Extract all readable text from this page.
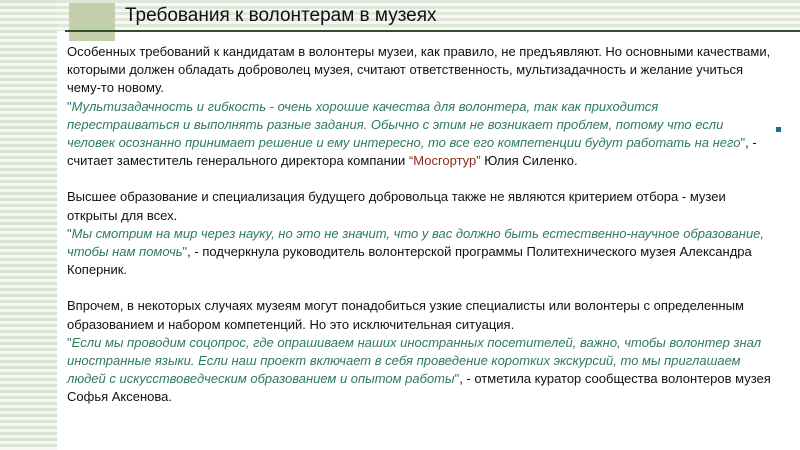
Требования к волонтерам в музеях

Особенных требований к кандидатам в волонтеры музеи, как правило, не предъявляют. Но основными качествами, которыми должен обладать доброволец музея, считают ответственность, мультизадачность и желание учиться чему-то новому.

"Мультизадачность и гибкость - очень хорошие качества для волонтера, так как приходится перестраиваться и выполнять разные задания. Обычно с этим не возникает проблем, потому что если человек осознанно принимает решение и ему интересно, то все его компетенции будут работать на него", - считает заместитель генерального директора компании “Мосгортур” Юлия Силенко.

Высшее образование и специализация будущего добровольца также не являются критерием отбора - музеи открыты для всех.

"Мы смотрим на мир через науку, но это не значит, что у вас должно быть естественно-научное образование, чтобы нам помочь", - подчеркнула руководитель волонтерской программы Политехнического музея Александра Коперник.

Впрочем, в некоторых случаях музеям могут понадобиться узкие специалисты или волонтеры с определенным образованием и набором компетенций. Но это исключительная ситуация.

"Если мы проводим соцопрос, где опрашиваем наших иностранных посетителей, важно, чтобы волонтер знал иностранные языки. Если наш проект включает в себя проведение коротких экскурсий, то мы приглашаем людей с искусствоведческим образованием и опытом работы", - отметила куратор сообщества волонтеров музея Софья Аксенова.
